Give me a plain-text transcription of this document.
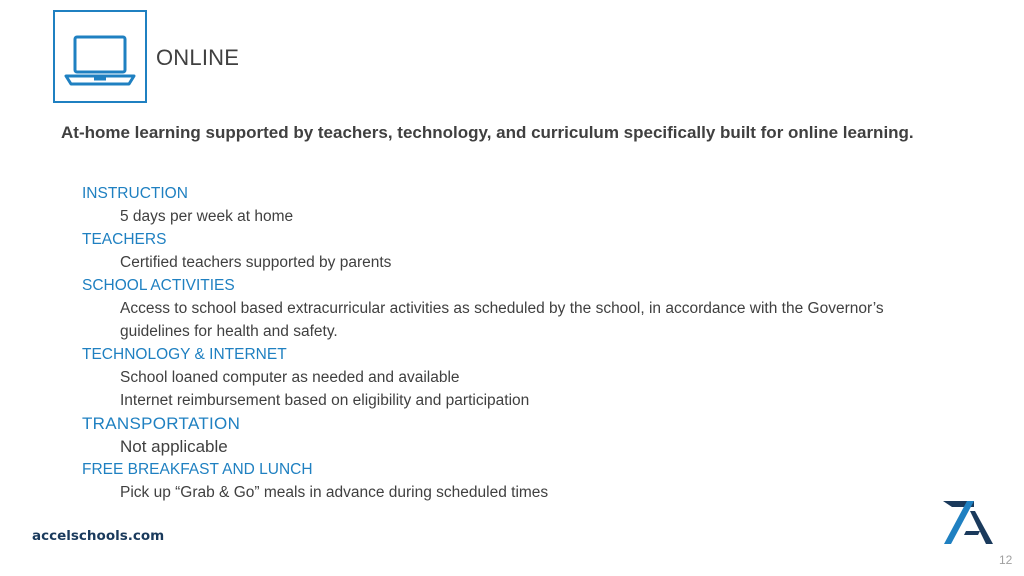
ONLINE
At-home learning supported by teachers, technology, and curriculum specifically built for online learning.
INSTRUCTION
5 days per week at home
TEACHERS
Certified teachers supported by parents
SCHOOL ACTIVITIES
Access to school based extracurricular activities as scheduled by the school, in accordance with the Governor’s guidelines for health and safety.
TECHNOLOGY & INTERNET
School loaned computer as needed and available
Internet reimbursement based on eligibility and participation
TRANSPORTATION
Not applicable
FREE BREAKFAST AND LUNCH
Pick up “Grab & Go” meals in advance during scheduled times
accelschools.com
12
